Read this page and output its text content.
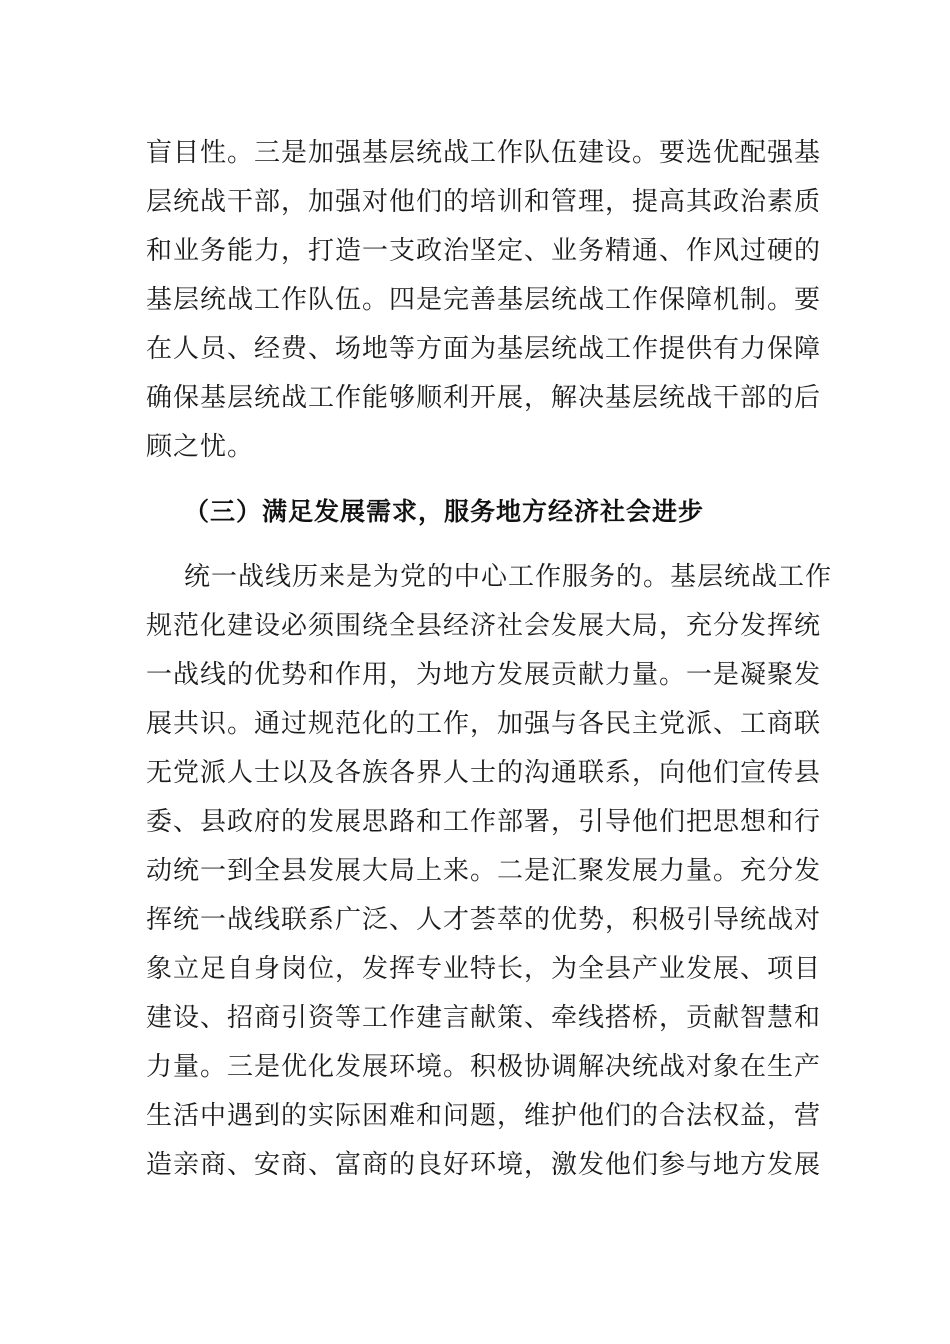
盲目性。三是加强基层统战工作队伍建设。要选优配强基
层统战干部，加强对他们的培训和管理，提高其政治素质
和业务能力，打造一支政治坚定、业务精通、作风过硬的
基层统战工作队伍。四是完善基层统战工作保障机制。要
在人员、经费、场地等方面为基层统战工作提供有力保障
确保基层统战工作能够顺利开展，解决基层统战干部的后
顾之忧。
（三）满足发展需求，服务地方经济社会进步
统一战线历来是为党的中心工作服务的。基层统战工作
规范化建设必须围绕全县经济社会发展大局，充分发挥统
一战线的优势和作用，为地方发展贡献力量。一是凝聚发
展共识。通过规范化的工作，加强与各民主党派、工商联
无党派人士以及各族各界人士的沟通联系，向他们宣传县
委、县政府的发展思路和工作部署，引导他们把思想和行
动统一到全县发展大局上来。二是汇聚发展力量。充分发
挥统一战线联系广泛、人才荟萃的优势，积极引导统战对
象立足自身岗位，发挥专业特长，为全县产业发展、项目
建设、招商引资等工作建言献策、牵线搭桥，贡献智慧和
力量。三是优化发展环境。积极协调解决统战对象在生产
生活中遇到的实际困难和问题，维护他们的合法权益，营
造亲商、安商、富商的良好环境，激发他们参与地方发展
